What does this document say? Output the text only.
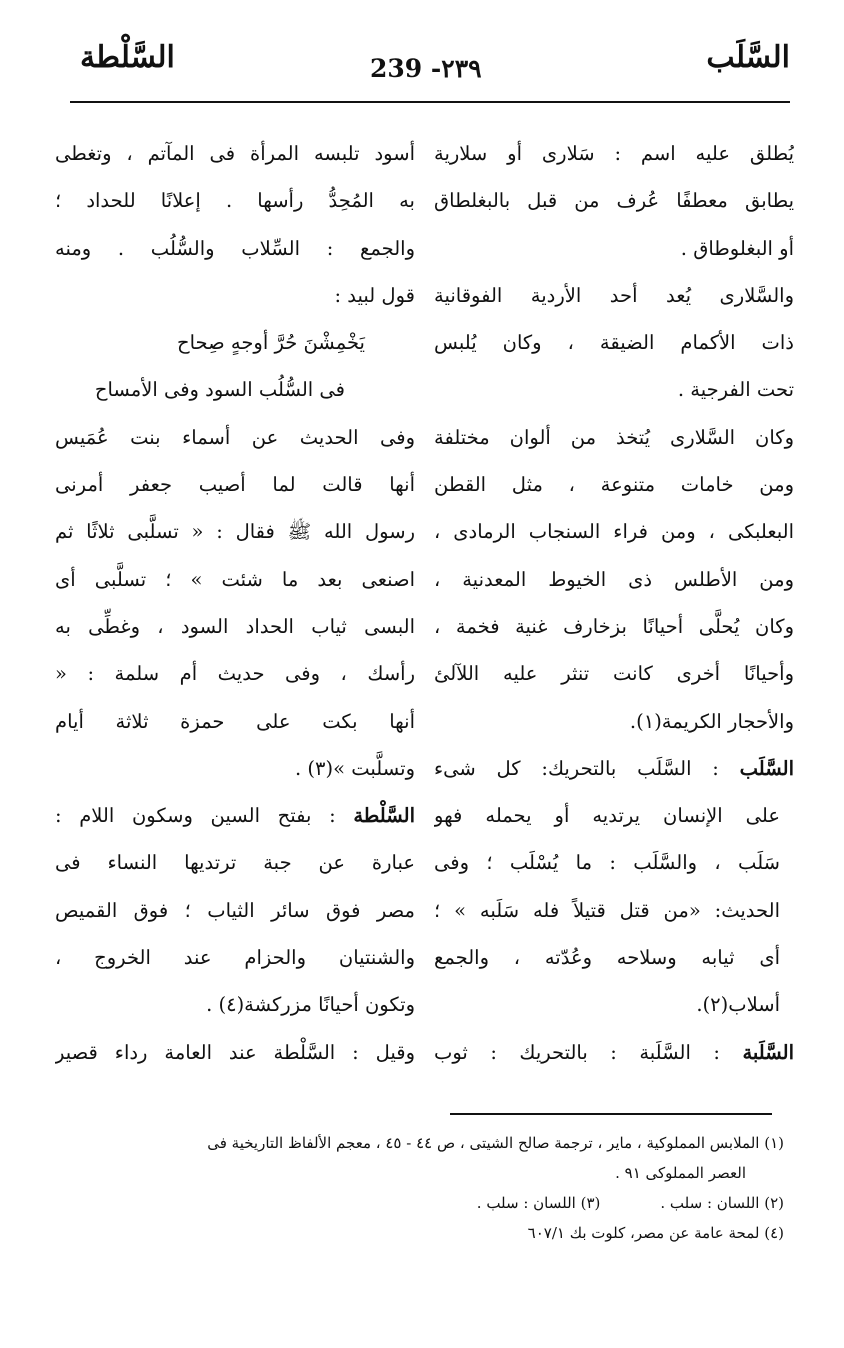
السَّلَب
239 -٢٣٩
السَّلْطة
يُطلق عليه اسم : سَلارى أو سلارية
يطابق معطفًا عُرف من قبل بالبغلطاق
أو البغلوطاق .
والسَّلارى يُعد أحد الأردية الفوقانية
ذات الأكمام الضيقة ، وكان يُلبس
تحت الفرجية .
وكان السَّلارى يُتخذ من ألوان مختلفة
ومن خامات متنوعة ، مثل القطن
البعلبكى ، ومن فراء السنجاب الرمادى ،
ومن الأطلس ذى الخيوط المعدنية ،
وكان يُحلَّى أحيانًا بزخارف غنية فخمة ،
وأحيانًا أخرى كانت تنثر عليه اللآلئ
والأحجار الكريمة(١).
السَّلَب : السَّلَب بالتحريك: كل شىء
على الإنسان يرتديه أو يحمله فهو
سَلَب ، والسَّلَب : ما يُسْلَب ؛ وفى
الحديث: «من قتل قتيلاً فله سَلَبه » ؛
أى ثيابه وسلاحه وعُدّته ، والجمع
أسلاب(٢).
السَّلَبة : السَّلَبة : بالتحريك : ثوب
أسود تلبسه المرأة فى المآتم ، وتغطى
به المُحِدُّ رأسها . إعلانًا للحداد ؛
والجمع : السِّلاب والسُّلُب . ومنه
قول لبيد :
يَخْمِشْنَ حُرَّ أوجهٍ صِحاح
فى السُّلُب السود وفى الأمساح
وفى الحديث عن أسماء بنت عُمَيس
أنها قالت لما أصيب جعفر أمرنى
رسول الله ﷺ فقال : « تسلَّبى ثلاثًا ثم
اصنعى بعد ما شئت » ؛ تسلَّبى أى
البسى ثياب الحداد السود ، وغطِّى به
رأسك ، وفى حديث أم سلمة : «
أنها بكت على حمزة ثلاثة أيام
وتسلَّبت »(٣) .
السَّلْطة : بفتح السين وسكون اللام :
عبارة عن جبة ترتديها النساء فى
مصر فوق سائر الثياب ؛ فوق القميص
والشنتيان والحزام عند الخروج ،
وتكون أحيانًا مزركشة(٤) .
وقيل : السَّلْطة عند العامة رداء قصير
(١) الملابس المملوكية ، ماير ، ترجمة صالح الشيتى ، ص ٤٤ - ٤٥ ، معجم الألفاظ التاريخية فى
العصر المملوكى ٩١ .
(٢) اللسان : سلب .
(٣) اللسان : سلب .
(٤) لمحة عامة عن مصر، كلوت بك ٦٠٧/١
